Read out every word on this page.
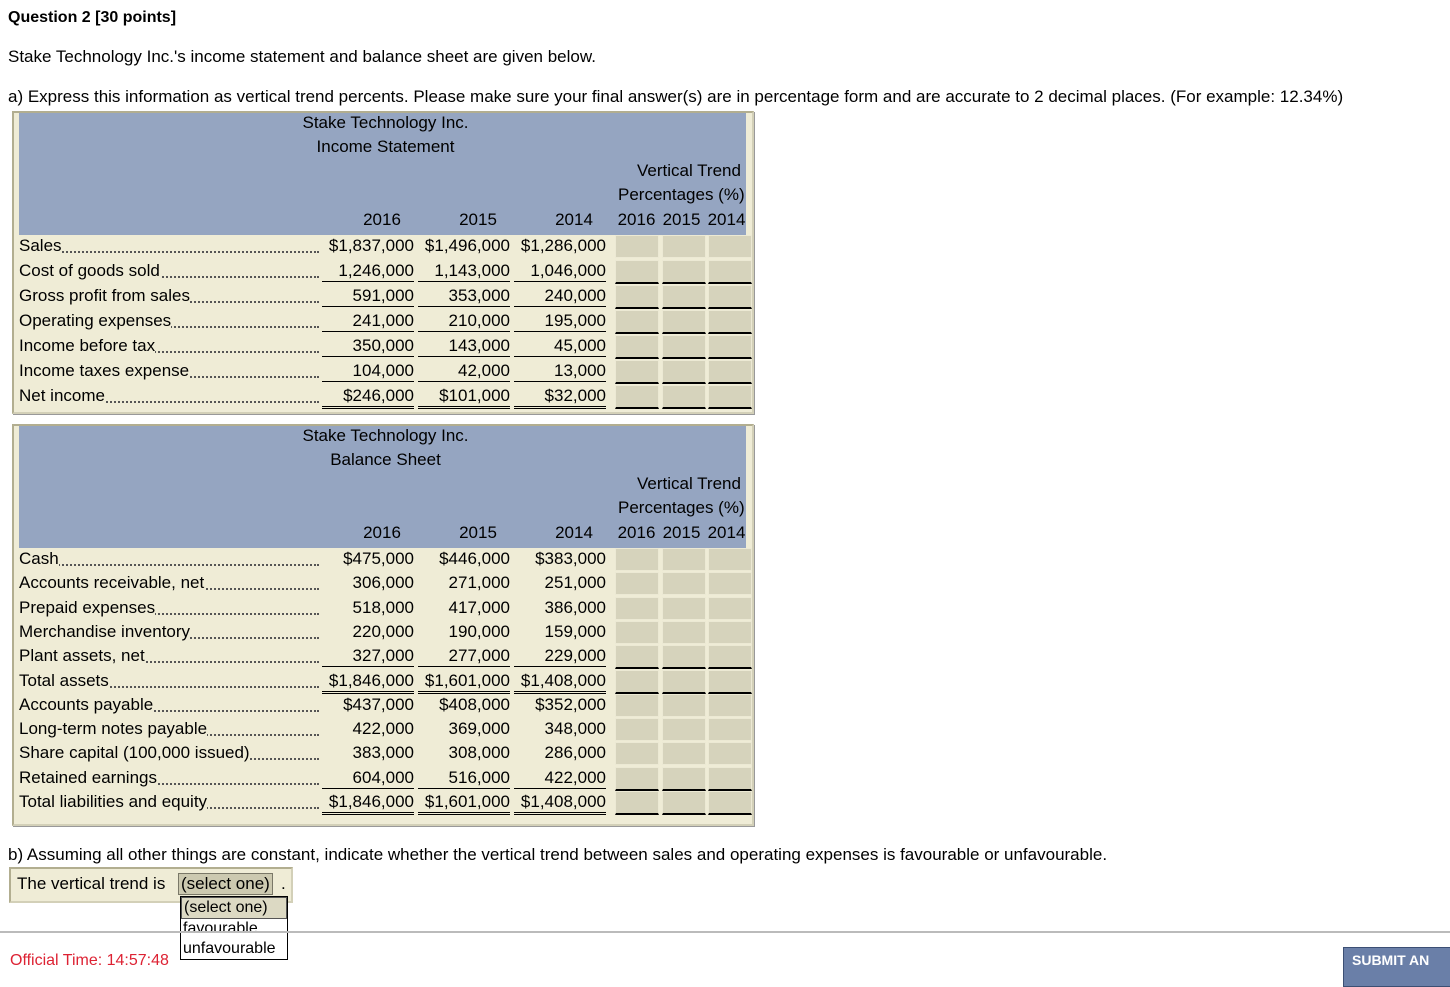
Question 2 [30 points]
Stake Technology Inc.'s income statement and balance sheet are given below.
a) Express this information as vertical trend percents. Please make sure your final answer(s) are in percentage form and are accurate to 2 decimal places. (For example: 12.34%)
Stake Technology Inc.
Income Statement
Vertical Trend
Percentages (%)
2016	2015	2014	2016 2015 2014
Sales	$1,837,000 $1,496,000 $1,286,000
Cost of goods sold	1,246,000	1,143,000	1,046,000
Gross profit from sales	591,000	353,000	240,000
Operating expenses	241,000	210,000	195,000
Income before tax	350,000	143,000	45,000
Income taxes expense	104,000	42,000	13,000
Net income	$246,000	$101,000	$32,000
Stake Technology Inc.
Balance Sheet
Vertical Trend
Percentages (%)
2016	2015	2014	2016 2015 2014
Cash	$475,000	$446,000	$383,000
Accounts receivable, net	306,000	271,000	251,000
Prepaid expenses	518,000	417,000	386,000
Merchandise inventory	220,000	190,000	159,000
Plant assets, net	327,000	277,000	229,000
Total assets	$1,846,000 $1,601,000 $1,408,000
Accounts payable	$437,000	$408,000	$352,000
Long-term notes payable	422,000	369,000	348,000
Share capital (100,000 issued)	383,000	308,000	286,000
Retained earnings	604,000	516,000	422,000
Total liabilities and equity	$1,846,000 $1,601,000 $1,408,000
b) Assuming all other things are constant, indicate whether the vertical trend between sales and operating expenses is favourable or unfavourable.
The vertical trend is (select one) .
(select one)
favourable
unfavourable
Official Time: 14:57:48	SUBMIT AN
